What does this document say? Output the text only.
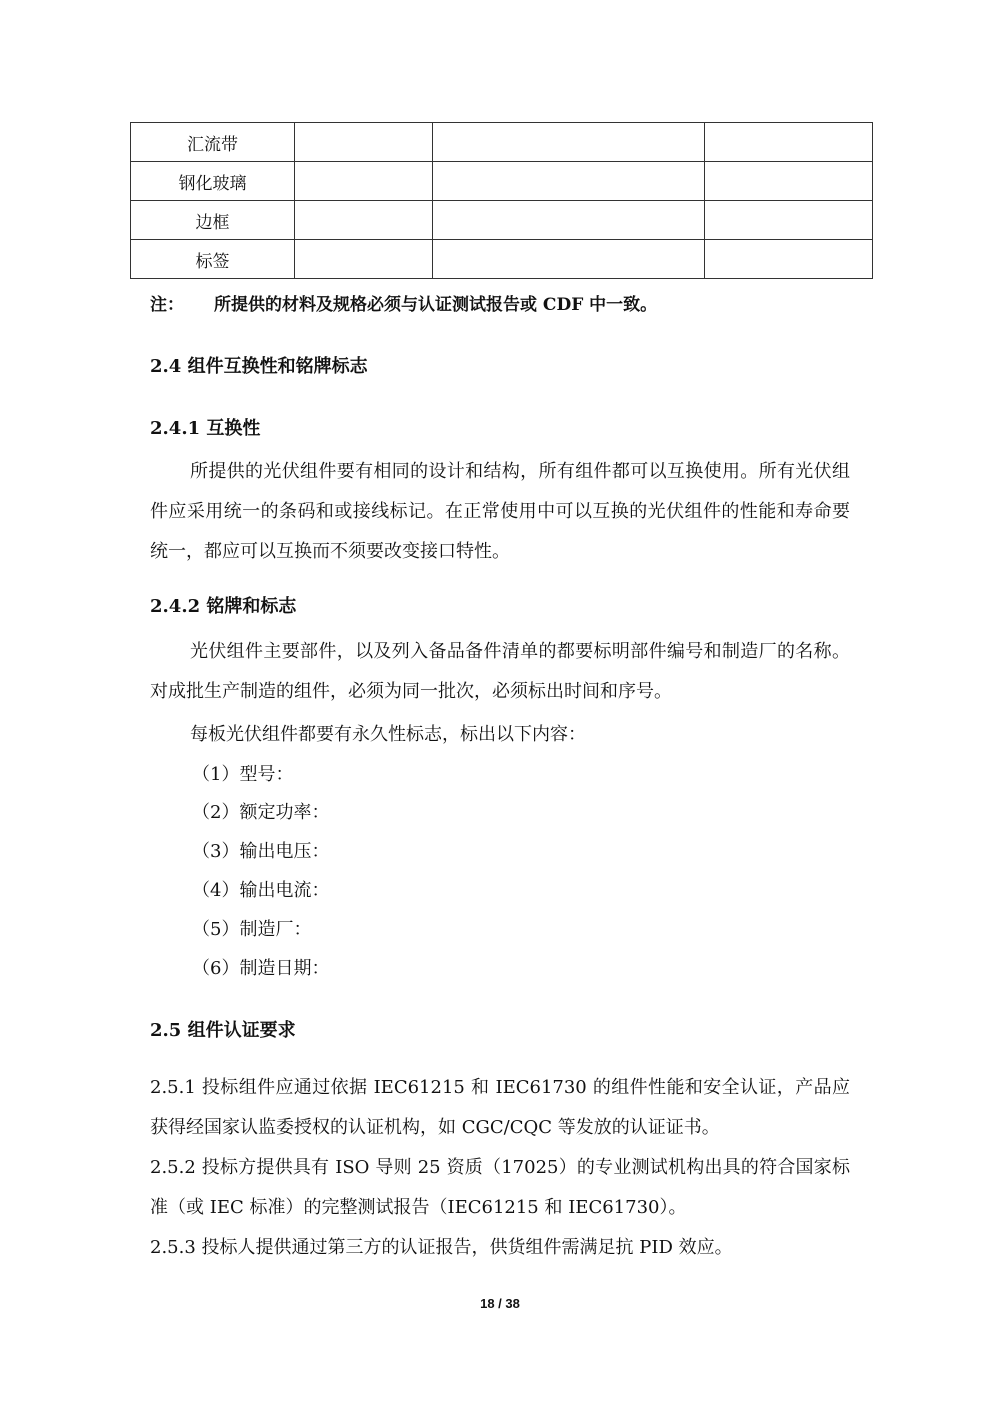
汇流带			
钢化玻璃			
边框			
标签			
注： 所提供的材料及规格必须与认证测试报告或 CDF 中一致。
2.4 组件互换性和铭牌标志
2.4.1 互换性
所提供的光伏组件要有相同的设计和结构，所有组件都可以互换使用。所有光伏组件应采用统一的条码和或接线标记。在正常使用中可以互换的光伏组件的性能和寿命要统一，都应可以互换而不须要改变接口特性。
2.4.2 铭牌和标志
光伏组件主要部件，以及列入备品备件清单的都要标明部件编号和制造厂的名称。对成批生产制造的组件，必须为同一批次，必须标出时间和序号。
每板光伏组件都要有永久性标志，标出以下内容：
（1）型号：
（2）额定功率：
（3）输出电压：
（4）输出电流：
（5）制造厂：
（6）制造日期：
2.5 组件认证要求
2.5.1 投标组件应通过依据 IEC61215 和 IEC61730 的组件性能和安全认证，产品应获得经国家认监委授权的认证机构，如 CGC/CQC 等发放的认证证书。
2.5.2 投标方提供具有 ISO 导则 25 资质（17025）的专业测试机构出具的符合国家标准（或 IEC 标准）的完整测试报告（IEC61215 和 IEC61730）。
2.5.3 投标人提供通过第三方的认证报告，供货组件需满足抗 PID 效应。
18 / 38
